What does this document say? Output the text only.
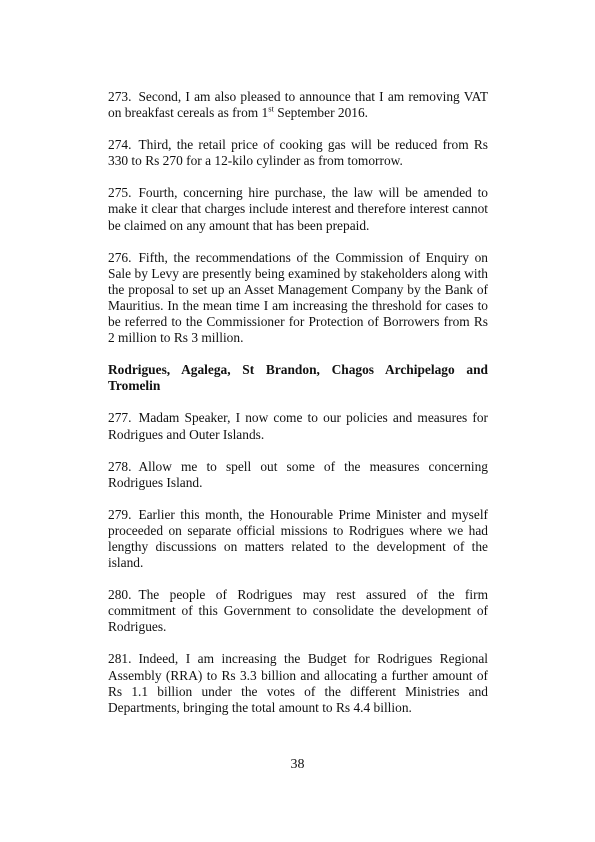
273. Second, I am also pleased to announce that I am removing VAT on breakfast cereals as from 1st September 2016.

274. Third, the retail price of cooking gas will be reduced from Rs 330 to Rs 270 for a 12-kilo cylinder as from tomorrow.

275. Fourth, concerning hire purchase, the law will be amended to make it clear that charges include interest and therefore interest cannot be claimed on any amount that has been prepaid.

276. Fifth, the recommendations of the Commission of Enquiry on Sale by Levy are presently being examined by stakeholders along with the proposal to set up an Asset Management Company by the Bank of Mauritius. In the mean time I am increasing the threshold for cases to be referred to the Commissioner for Protection of Borrowers from Rs 2 million to Rs 3 million.

Rodrigues, Agalega, St Brandon, Chagos Archipelago and Tromelin

277. Madam Speaker, I now come to our policies and measures for Rodrigues and Outer Islands.

278. Allow me to spell out some of the measures concerning Rodrigues Island.

279. Earlier this month, the Honourable Prime Minister and myself proceeded on separate official missions to Rodrigues where we had lengthy discussions on matters related to the development of the island.

280. The people of Rodrigues may rest assured of the firm commitment of this Government to consolidate the development of Rodrigues.

281. Indeed, I am increasing the Budget for Rodrigues Regional Assembly (RRA) to Rs 3.3 billion and allocating a further amount of Rs 1.1 billion under the votes of the different Ministries and Departments, bringing the total amount to Rs 4.4 billion.

38
